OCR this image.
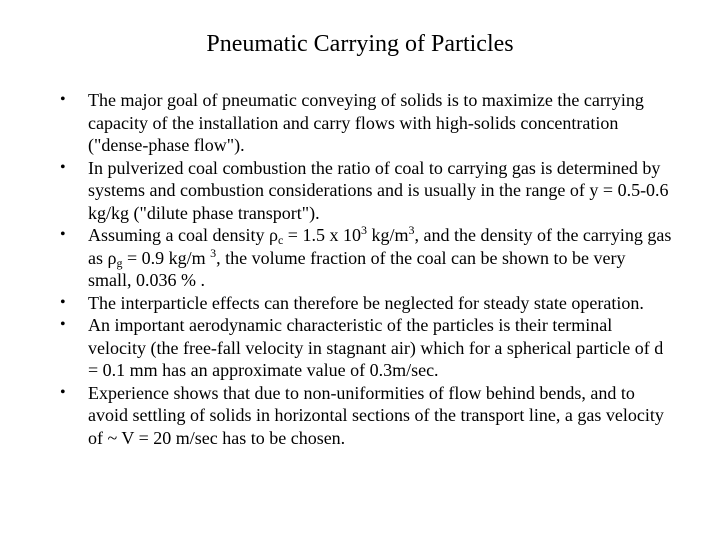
Pneumatic Carrying of Particles
• The major goal of pneumatic conveying of solids is to maximize the carrying capacity of the installation and carry flows with high-solids concentration ("dense-phase flow").
• In pulverized coal combustion the ratio of coal to carrying gas is determined by systems and combustion considerations and is usually in the range of y = 0.5-0.6 kg/kg ("dilute phase transport").
• Assuming a coal density $\rho_c = 1.5$ x $10^3$ $kg/m^3$, and the density of the carrying gas as $\rho_g = 0.9$ kg/m $^3$, the volume fraction of the coal can be shown to be very small, 0.036 % .
• The interparticle effects can therefore be neglected for steady state operation.
• An important aerodynamic characteristic of the particles is their terminal velocity (the free-fall velocity in stagnant air) which for a spherical particle of d = 0.1 mm has an approximate value of 0.3m/sec.
• Experience shows that due to non-uniformities of flow behind bends, and to avoid settling of solids in horizontal sections of the transport line, a gas velocity of ~ V = 20 m/sec has to be chosen.
